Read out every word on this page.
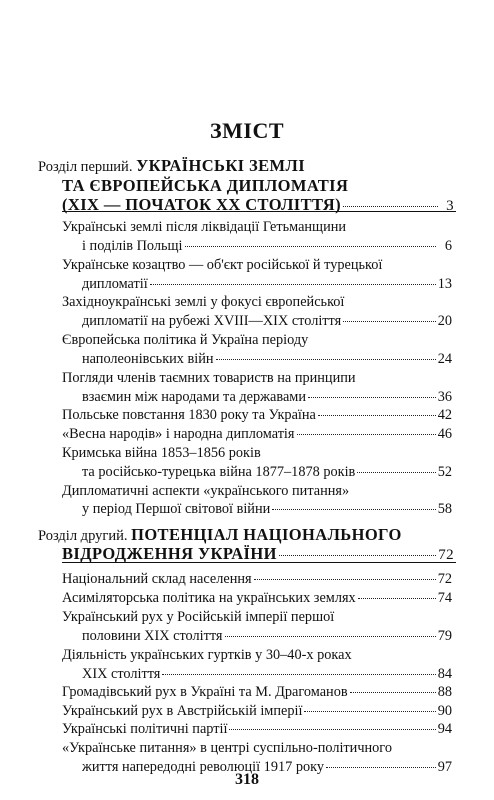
ЗМІСТ
Розділ перший. УКРАЇНСЬКІ ЗЕМЛІ
ТА ЄВРОПЕЙСЬКА ДИПЛОМАТІЯ
(XIX — ПОЧАТОК XX СТОЛІТТЯ)	3
Українські землі після ліквідації Гетьманщини
і поділів Польщі	6
Українське козацтво — об'єкт російської й турецької
дипломатії	13
Західноукраїнські землі у фокусі європейської
дипломатії на рубежі XVIII—XIX століття	20
Європейська політика й Україна періоду
наполеонівських війн	24
Погляди членів таємних товариств на принципи
взаємин між народами та державами	36
Польське повстання 1830 року та Україна	42
«Весна народів» і народна дипломатія	46
Кримська війна 1853–1856 років
та російсько-турецька війна 1877–1878 років	52
Дипломатичні аспекти «українського питання»
у період Першої світової війни	58
Розділ другий. ПОТЕНЦІАЛ НАЦІОНАЛЬНОГО
ВІДРОДЖЕННЯ УКРАЇНИ	72
Національний склад населення	72
Асиміляторська політика на українських землях	74
Український рух у Російській імперії першої
половини XIX століття	79
Діяльність українських гуртків у 30–40-х роках
XIX століття	84
Громадівський рух в Україні та М. Драгоманов	88
Український рух в Австрійській імперії	90
Українські політичні партії	94
«Українське питання» в центрі суспільно-політичного
життя напередодні революції 1917 року	97
318
